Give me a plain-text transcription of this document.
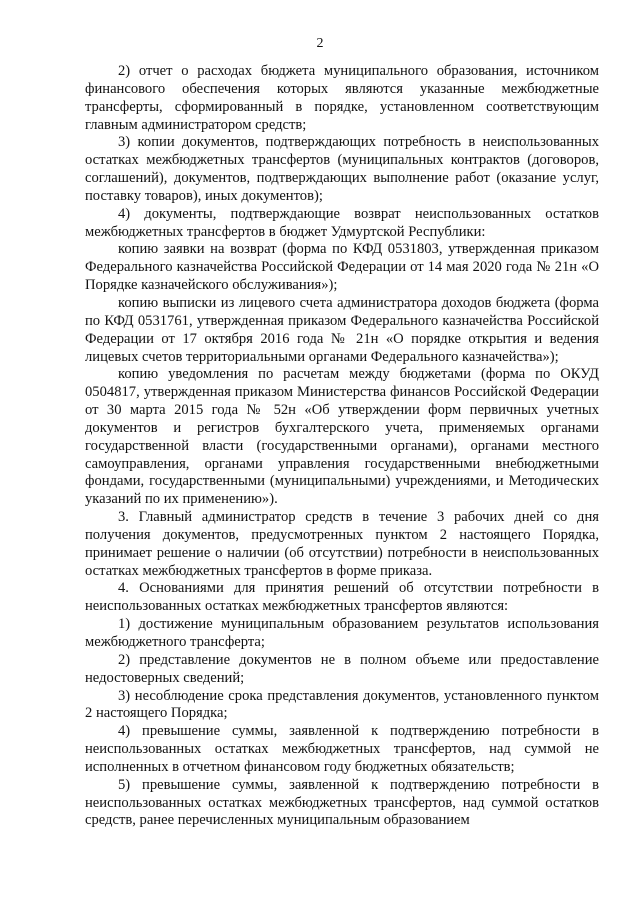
2

2) отчет о расходах бюджета муниципального образования, источником финансового обеспечения которых являются указанные межбюджетные трансферты, сформированный в порядке, установленном соответствующим главным администратором средств;

3) копии документов, подтверждающих потребность в неиспользованных остатках межбюджетных трансфертов (муниципальных контрактов (договоров, соглашений), документов, подтверждающих выполнение работ (оказание услуг, поставку товаров), иных документов);

4) документы, подтверждающие возврат неиспользованных остатков межбюджетных трансфертов в бюджет Удмуртской Республики:

копию заявки на возврат (форма по КФД 0531803, утвержденная приказом Федерального казначейства Российской Федерации от 14 мая 2020 года № 21н «О Порядке казначейского обслуживания»);

копию выписки из лицевого счета администратора доходов бюджета (форма по КФД 0531761, утвержденная приказом Федерального казначейства Российской Федерации от 17 октября 2016 года № 21н «О порядке открытия и ведения лицевых счетов территориальными органами Федерального казначейства»);

копию уведомления по расчетам между бюджетами (форма по ОКУД 0504817, утвержденная приказом Министерства финансов Российской Федерации от 30 марта 2015 года № 52н «Об утверждении форм первичных учетных документов и регистров бухгалтерского учета, применяемых органами государственной власти (государственными органами), органами местного самоуправления, органами управления государственными внебюджетными фондами, государственными (муниципальными) учреждениями, и Методических указаний по их применению»).

3. Главный администратор средств в течение 3 рабочих дней со дня получения документов, предусмотренных пунктом 2 настоящего Порядка, принимает решение о наличии (об отсутствии) потребности в неиспользованных остатках межбюджетных трансфертов в форме приказа.

4. Основаниями для принятия решений об отсутствии потребности в неиспользованных остатках межбюджетных трансфертов являются:

1) достижение муниципальным образованием результатов использования межбюджетного трансферта;

2) представление документов не в полном объеме или предоставление недостоверных сведений;

3) несоблюдение срока представления документов, установленного пунктом 2 настоящего Порядка;

4) превышение суммы, заявленной к подтверждению потребности в неиспользованных остатках межбюджетных трансфертов, над суммой не исполненных в отчетном финансовом году бюджетных обязательств;

5) превышение суммы, заявленной к подтверждению потребности в неиспользованных остатках межбюджетных трансфертов, над суммой остатков средств, ранее перечисленных муниципальным образованием
